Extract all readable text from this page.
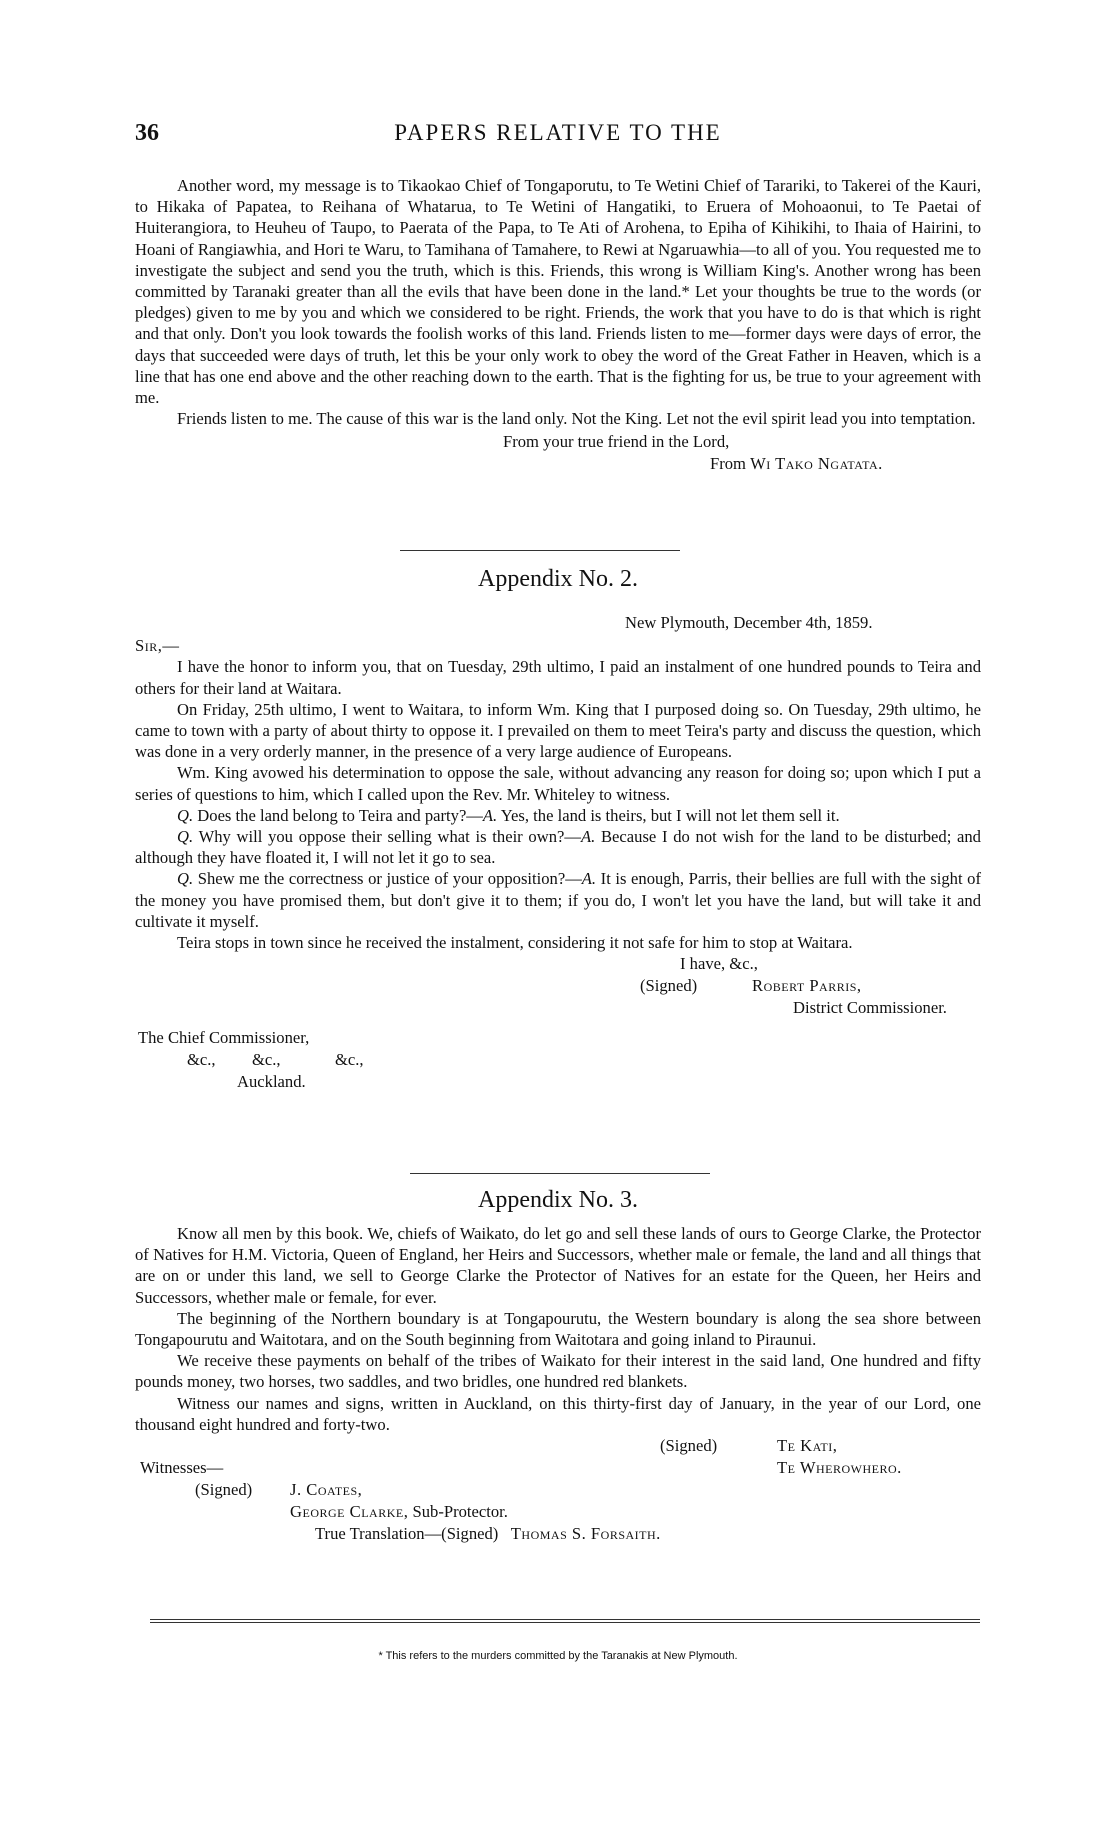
36	PAPERS RELATIVE TO THE

Another word, my message is to Tikaokao Chief of Tongaporutu, to Te Wetini Chief of Tarariki, to Takerei of the Kauri, to Hikaka of Papatea, to Reihana of Whatarua, to Te Wetini of Hangatiki, to Eruera of Mohoaonui, to Te Paetai of Huiterangiora, to Heuheu of Taupo, to Paerata of the Papa, to Te Ati of Arohena, to Epiha of Kihikihi, to Ihaia of Hairini, to Hoani of Rangiawhia, and Hori te Waru, to Tamihana of Tamahere, to Rewi at Ngaruawhia—to all of you. You requested me to investigate the subject and send you the truth, which is this. Friends, this wrong is William King's. Another wrong has been committed by Taranaki greater than all the evils that have been done in the land.* Let your thoughts be true to the words (or pledges) given to me by you and which we considered to be right. Friends, the work that you have to do is that which is right and that only. Don't you look towards the foolish works of this land. Friends listen to me—former days were days of error, the days that succeeded were days of truth, let this be your only work to obey the word of the Great Father in Heaven, which is a line that has one end above and the other reaching down to the earth. That is the fighting for us, be true to your agreement with me.

Friends listen to me. The cause of this war is the land only. Not the King. Let not the evil spirit lead you into temptation.

From your true friend in the Lord,
From Wi Tako Ngatata.
Appendix No. 2.
New Plymouth, December 4th, 1859.
Sir,—

I have the honor to inform you, that on Tuesday, 29th ultimo, I paid an instalment of one hundred pounds to Teira and others for their land at Waitara.

On Friday, 25th ultimo, I went to Waitara, to inform Wm. King that I purposed doing so. On Tuesday, 29th ultimo, he came to town with a party of about thirty to oppose it. I prevailed on them to meet Teira's party and discuss the question, which was done in a very orderly manner, in the presence of a very large audience of Europeans.

Wm. King avowed his determination to oppose the sale, without advancing any reason for doing so; upon which I put a series of questions to him, which I called upon the Rev. Mr. Whiteley to witness.

Q. Does the land belong to Teira and party?—A. Yes, the land is theirs, but I will not let them sell it.

Q. Why will you oppose their selling what is their own?—A. Because I do not wish for the land to be disturbed; and although they have floated it, I will not let it go to sea.

Q. Shew me the correctness or justice of your opposition?—A. It is enough, Parris, their bellies are full with the sight of the money you have promised them, but don't give it to them; if you do, I won't let you have the land, but will take it and cultivate it myself.

Teira stops in town since he received the instalment, considering it not safe for him to stop at Waitara.

I have, &c.,
(Signed)	Robert Parris,
District Commissioner.
The Chief Commissioner,
&c., &c.,	&c.,
Auckland.
Appendix No. 3.

Know all men by this book. We, chiefs of Waikato, do let go and sell these lands of ours to George Clarke, the Protector of Natives for H.M. Victoria, Queen of England, her Heirs and Successors, whether male or female, the land and all things that are on or under this land, we sell to George Clarke the Protector of Natives for an estate for the Queen, her Heirs and Successors, whether male or female, for ever.

The beginning of the Northern boundary is at Tongapourutu, the Western boundary is along the sea shore between Tongapourutu and Waitotara, and on the South beginning from Waitotara and going inland to Piraunui.

We receive these payments on behalf of the tribes of Waikato for their interest in the said land, One hundred and fifty pounds money, two horses, two saddles, and two bridles, one hundred red blankets.

Witness our names and signs, written in Auckland, on this thirty-first day of January, in the year of our Lord, one thousand eight hundred and forty-two.

(Signed)	Te Kati,
Te Wherowhero.
Witnesses—
(Signed) J. Coates,
George Clarke, Sub-Protector.
True Translation—(Signed) Thomas S. Forsaith.
* This refers to the murders committed by the Taranakis at New Plymouth.
